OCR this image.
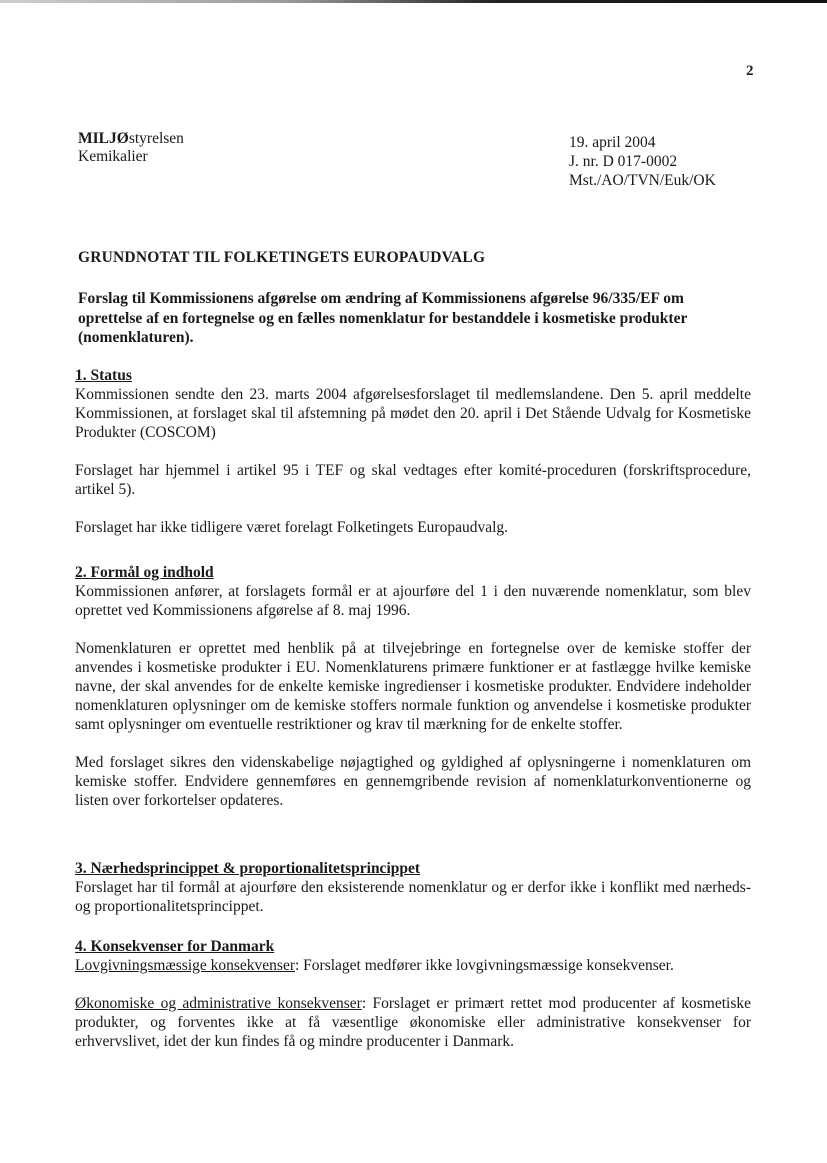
2
MILJØstyrelsen
Kemikalier
19. april 2004
J. nr. D 017-0002
Mst./AO/TVN/Euk/OK
GRUNDNOTAT TIL FOLKETINGETS EUROPAUDVALG
Forslag til Kommissionens afgørelse om ændring af Kommissionens afgørelse 96/335/EF om oprettelse af en fortegnelse og en fælles nomenklatur for bestanddele i kosmetiske produkter (nomenklaturen).
1. Status

Kommissionen sendte den 23. marts 2004 afgørelsesforslaget til medlemslandene. Den 5. april meddelte Kommissionen, at forslaget skal til afstemning på mødet den 20. april i Det Stående Udvalg for Kosmetiske Produkter (COSCOM)

Forslaget har hjemmel i artikel 95 i TEF og skal vedtages efter komité-proceduren (forskriftsprocedure, artikel 5).

Forslaget har ikke tidligere været forelagt Folketingets Europaudvalg.

2. Formål og indhold

Kommissionen anfører, at forslagets formål er at ajourføre del 1 i den nuværende nomenklatur, som blev oprettet ved Kommissionens afgørelse af 8. maj 1996.

Nomenklaturen er oprettet med henblik på at tilvejebringe en fortegnelse over de kemiske stoffer der anvendes i kosmetiske produkter i EU. Nomenklaturens primære funktioner er at fastlægge hvilke kemiske navne, der skal anvendes for de enkelte kemiske ingredienser i kosmetiske produkter. Endvidere indeholder nomenklaturen oplysninger om de kemiske stoffers normale funktion og anvendelse i kosmetiske produkter samt oplysninger om eventuelle restriktioner og krav til mærkning for de enkelte stoffer.

Med forslaget sikres den videnskabelige nøjagtighed og gyldighed af oplysningerne i nomenklaturen om kemiske stoffer. Endvidere gennemføres en gennemgribende revision af nomenklaturkonventionerne og listen over forkortelser opdateres.

3. Nærhedsprincippet & proportionalitetsprincippet

Forslaget har til formål at ajourføre den eksisterende nomenklatur og er derfor ikke i konflikt med nærheds- og proportionalitetsprincippet.

4. Konsekvenser for Danmark

Lovgivningsmæssige konsekvenser: Forslaget medfører ikke lovgivningsmæssige konsekvenser.

Økonomiske og administrative konsekvenser: Forslaget er primært rettet mod producenter af kosmetiske produkter, og forventes ikke at få væsentlige økonomiske eller administrative konsekvenser for erhvervslivet, idet der kun findes få og mindre producenter i Danmark.
